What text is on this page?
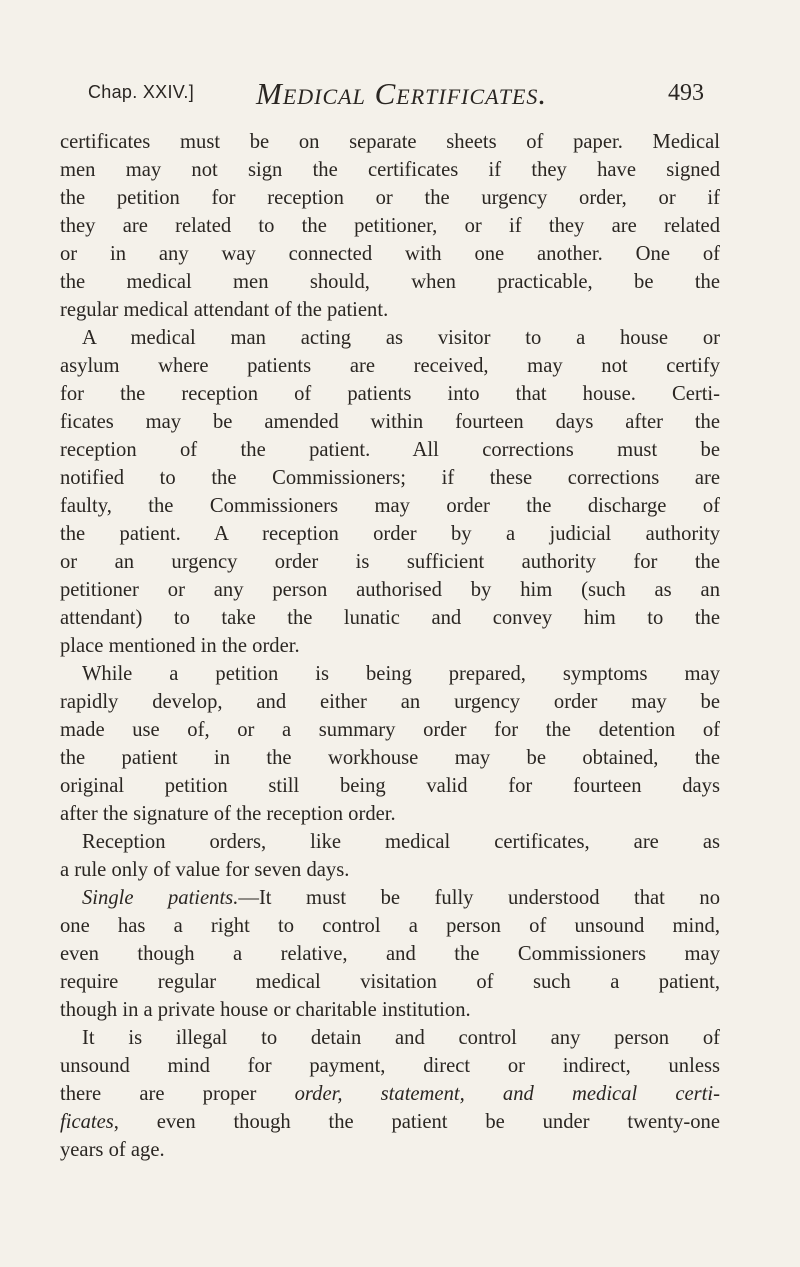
Chap. XXIV.] Medical Certificates.	493
certificates must be on separate sheets of paper. Medical
men may not sign the certificates if they have signed
the petition for reception or the urgency order, or if
they are related to the petitioner, or if they are related
or in any way connected with one another. One of
the medical men should, when practicable, be the
regular medical attendant of the patient.
A medical man acting as visitor to a house or
asylum where patients are received, may not certify
for the reception of patients into that house. Certi-
ficates may be amended within fourteen days after the
reception of the patient. All corrections must be
notified to the Commissioners; if these corrections are
faulty, the Commissioners may order the discharge of
the patient. A reception order by a judicial authority
or an urgency order is sufficient authority for the
petitioner or any person authorised by him (such as an
attendant) to take the lunatic and convey him to the
place mentioned in the order.
While a petition is being prepared, symptoms may
rapidly develop, and either an urgency order may be
made use of, or a summary order for the detention of
the patient in the workhouse may be obtained, the
original petition still being valid for fourteen days
after the signature of the reception order.
Reception orders, like medical certificates, are as
a rule only of value for seven days.
Single patients.—It must be fully understood that no
one has a right to control a person of unsound mind,
even though a relative, and the Commissioners may
require regular medical visitation of such a patient,
though in a private house or charitable institution.
It is illegal to detain and control any person of
unsound mind for payment, direct or indirect, unless
there are proper order, statement, and medical certi-
ficates, even though the patient be under twenty-one
years of age.
